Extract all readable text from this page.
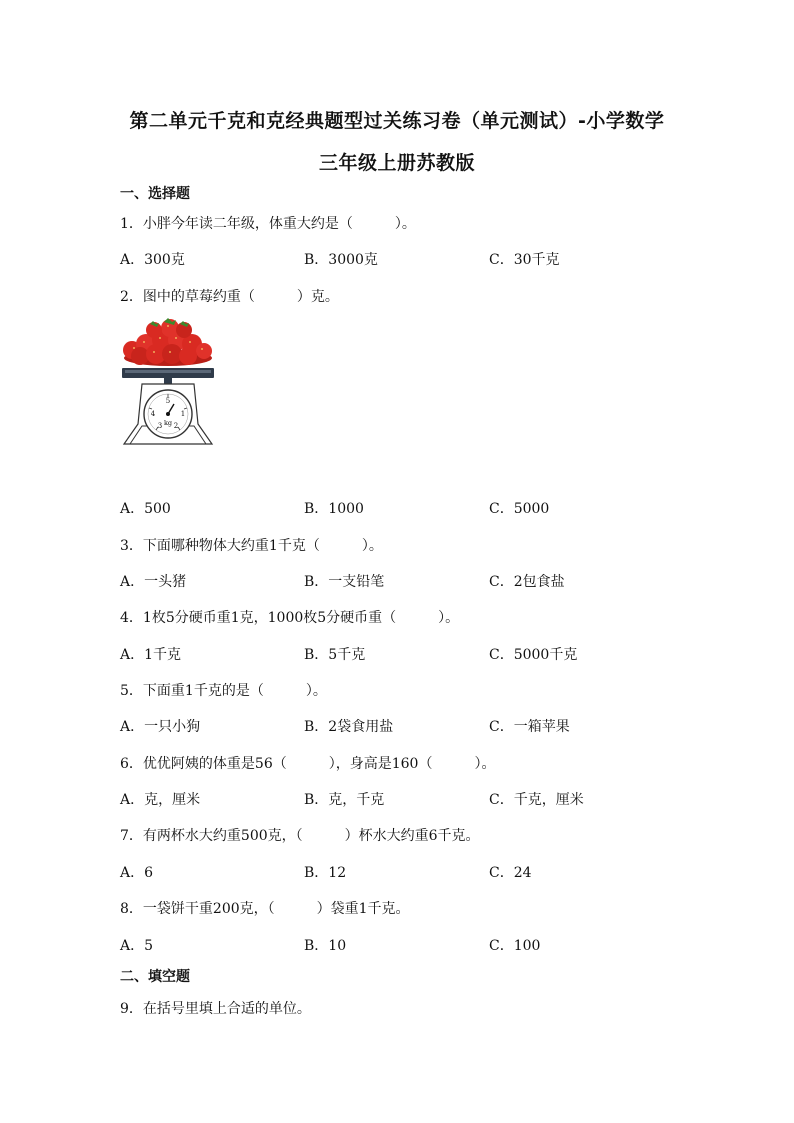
第二单元千克和克经典题型过关练习卷（单元测试）-小学数学
三年级上册苏教版
一、选择题
1．小胖今年读二年级，体重大约是（	）。
A．300克	B．3000克	C．30千克
2．图中的草莓约重（	）克。
5
1
2
3
4
kg
A．500	B．1000	C．5000
3．下面哪种物体大约重1千克（	）。
A．一头猪	B．一支铅笔	C．2包食盐
4．1枚5分硬币重1克，1000枚5分硬币重（	）。
A．1千克	B．5千克	C．5000千克
5．下面重1千克的是（	）。
A．一只小狗	B．2袋食用盐	C．一箱苹果
6．优优阿姨的体重是56（	），身高是160（	）。
A．克，厘米	B．克，千克	C．千克，厘米
7．有两杯水大约重500克，（	）杯水大约重6千克。
A．6	B．12	C．24
8．一袋饼干重200克，（	）袋重1千克。
A．5	B．10	C．100
二、填空题
9．在括号里填上合适的单位。
